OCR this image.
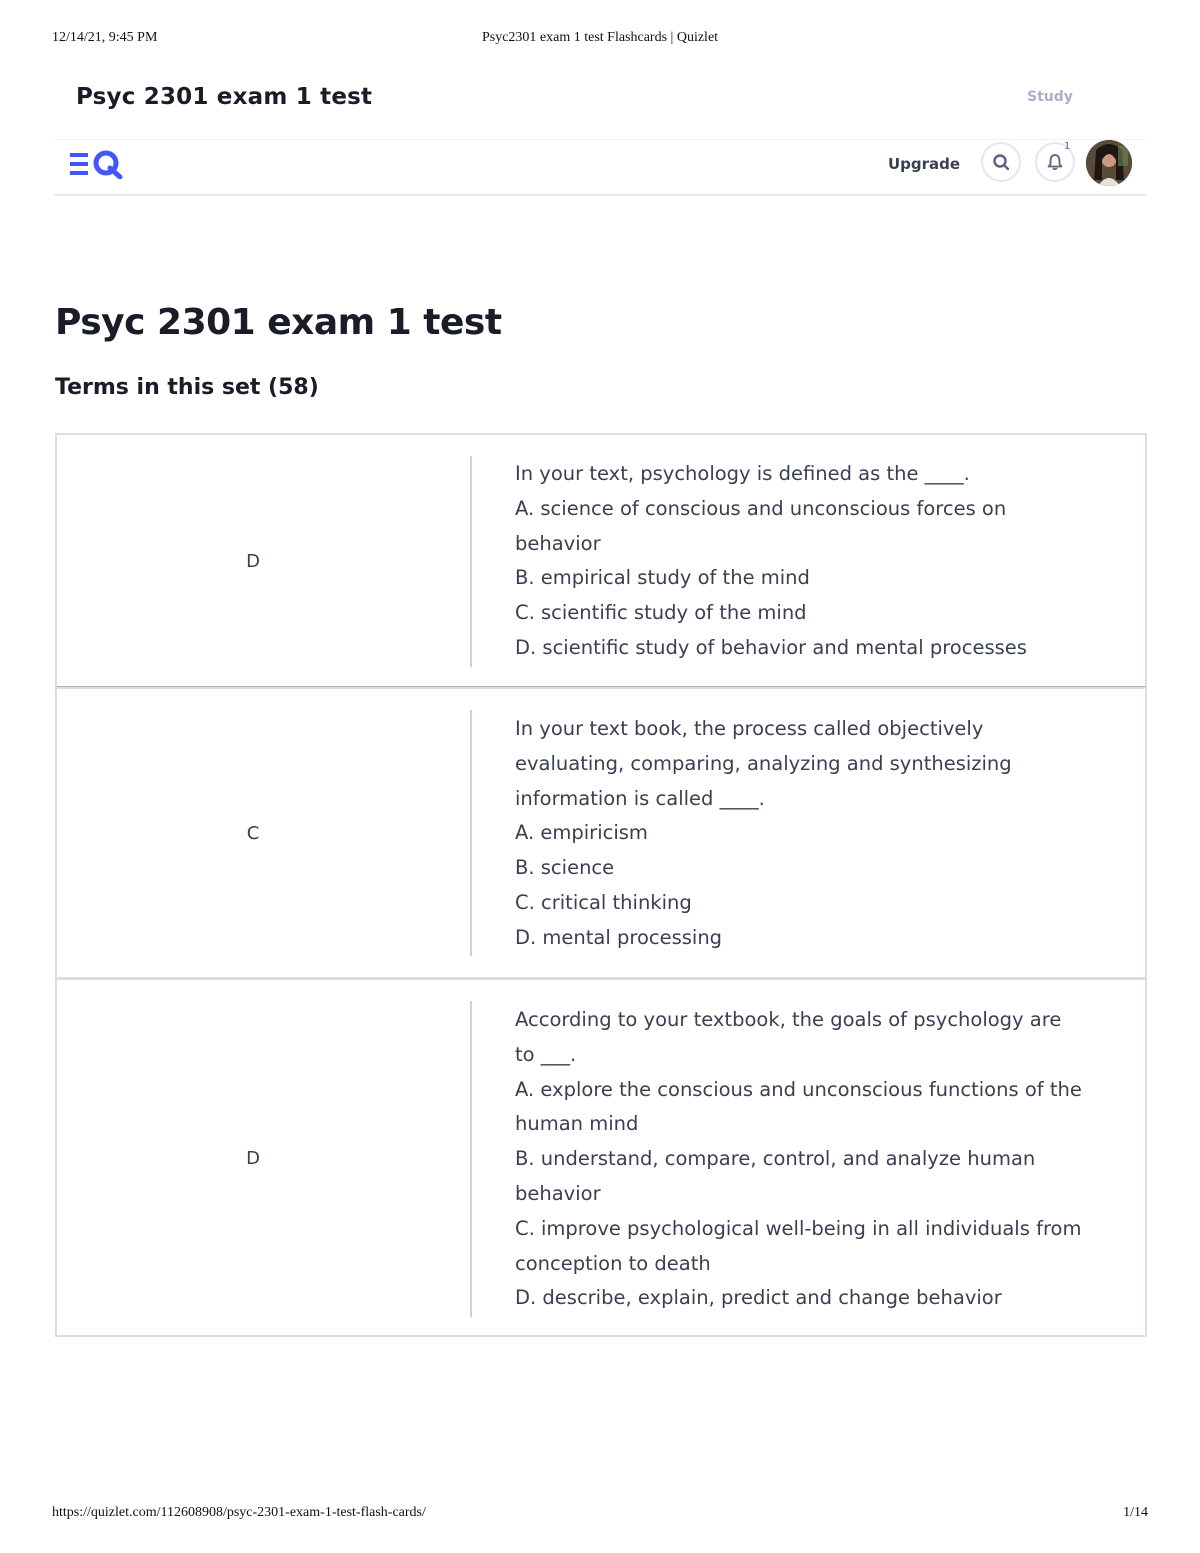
12/14/21, 9:45 PM	Psyc2301 exam 1 test Flashcards | Quizlet
Psyc 2301 exam 1 test	Study
Upgrade
1
Psyc 2301 exam 1 test
Terms in this set (58)
D
In your text, psychology is defined as the ____.
A. science of conscious and unconscious forces on
behavior
B. empirical study of the mind
C. scientific study of the mind
D. scientific study of behavior and mental processes
C
In your text book, the process called objectively
evaluating, comparing, analyzing and synthesizing
information is called ____.
A. empiricism
B. science
C. critical thinking
D. mental processing
D
According to your textbook, the goals of psychology are
to ___.
A. explore the conscious and unconscious functions of the
human mind
B. understand, compare, control, and analyze human
behavior
C. improve psychological well-being in all individuals from
conception to death
D. describe, explain, predict and change behavior
https://quizlet.com/112608908/psyc-2301-exam-1-test-flash-cards/	1/14
